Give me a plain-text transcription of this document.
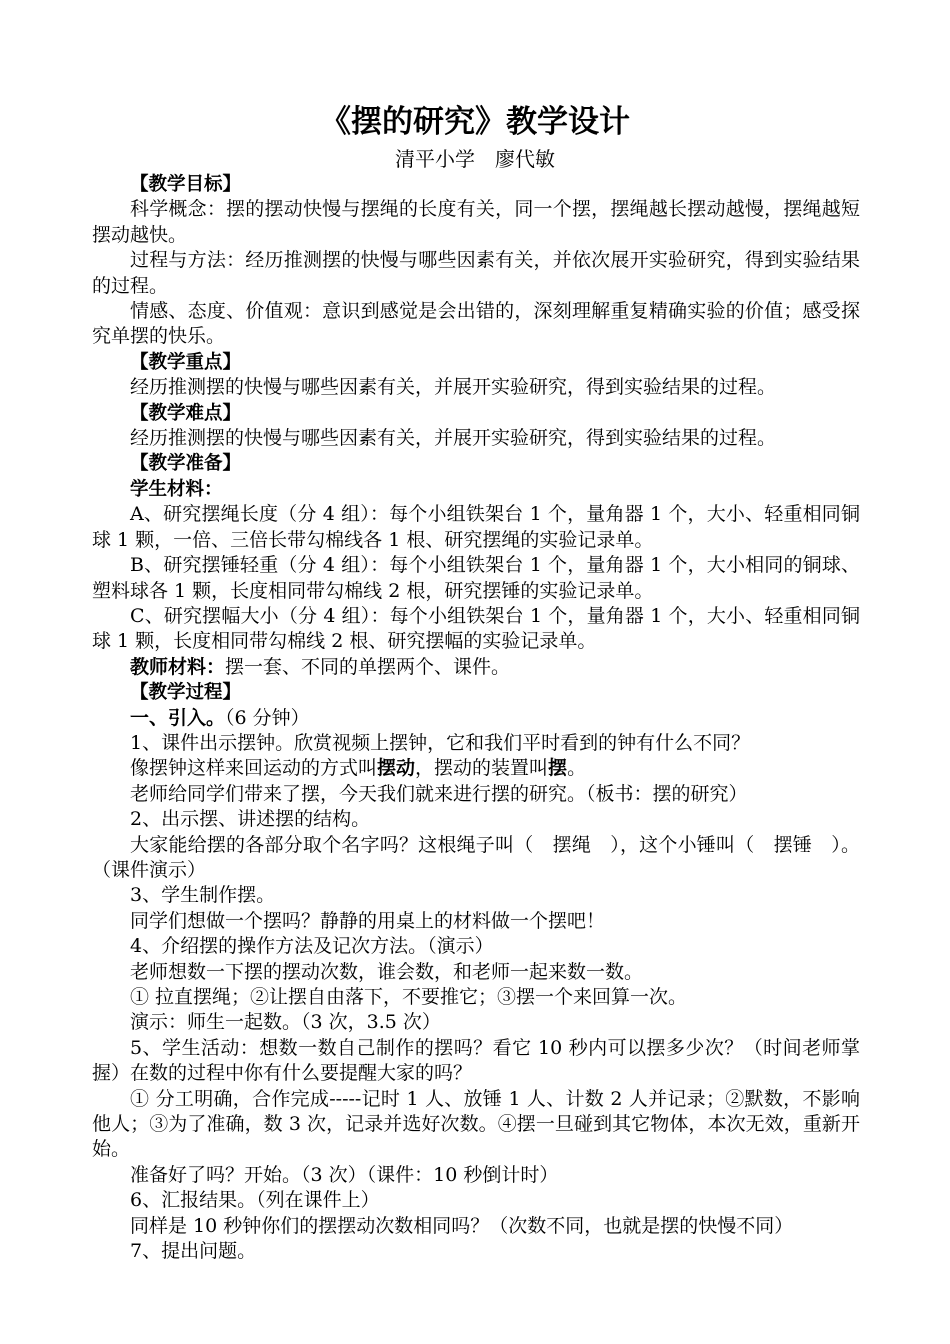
《摆的研究》教学设计
清平小学　廖代敏

【教学目标】

科学概念：摆的摆动快慢与摆绳的长度有关，同一个摆，摆绳越长摆动越慢，摆绳越短摆动越快。

过程与方法：经历推测摆的快慢与哪些因素有关，并依次展开实验研究，得到实验结果的过程。

情感、态度、价值观：意识到感觉是会出错的，深刻理解重复精确实验的价值；感受探究单摆的快乐。

【教学重点】

经历推测摆的快慢与哪些因素有关，并展开实验研究，得到实验结果的过程。

【教学难点】

经历推测摆的快慢与哪些因素有关，并展开实验研究，得到实验结果的过程。

【教学准备】

学生材料：

A、研究摆绳长度（分 4 组）：每个小组铁架台 1 个，量角器 1 个，大小、轻重相同铜球 1 颗，一倍、三倍长带勾棉线各 1 根、研究摆绳的实验记录单。

B、研究摆锤轻重（分 4 组）：每个小组铁架台 1 个，量角器 1 个，大小相同的铜球、塑料球各 1 颗，长度相同带勾棉线 2 根，研究摆锤的实验记录单。

C、研究摆幅大小（分 4 组）：每个小组铁架台 1 个，量角器 1 个，大小、轻重相同铜球 1 颗，长度相同带勾棉线 2 根、研究摆幅的实验记录单。

教师材料：摆一套、不同的单摆两个、课件。

【教学过程】

一、引入。（6 分钟）

1、课件出示摆钟。欣赏视频上摆钟，它和我们平时看到的钟有什么不同？

像摆钟这样来回运动的方式叫摆动，摆动的装置叫摆。

老师给同学们带来了摆，今天我们就来进行摆的研究。（板书：摆的研究）

2、出示摆、讲述摆的结构。

大家能给摆的各部分取个名字吗？这根绳子叫（　摆绳　），这个小锤叫（　摆锤　）。（课件演示）

3、学生制作摆。

同学们想做一个摆吗？静静的用桌上的材料做一个摆吧！

4、介绍摆的操作方法及记次方法。（演示）

老师想数一下摆的摆动次数，谁会数，和老师一起来数一数。

① 拉直摆绳；②让摆自由落下，不要推它；③摆一个来回算一次。

演示：师生一起数。（3 次，3.5 次）

5、学生活动：想数一数自己制作的摆吗？看它 10 秒内可以摆多少次？（时间老师掌握）在数的过程中你有什么要提醒大家的吗？

① 分工明确，合作完成-----记时 1 人、放锤 1 人、计数 2 人并记录；②默数，不影响他人；③为了准确，数 3 次，记录并选好次数。④摆一旦碰到其它物体，本次无效，重新开始。

准备好了吗？开始。（3 次）（课件：10 秒倒计时）

6、汇报结果。（列在课件上）

同样是 10 秒钟你们的摆摆动次数相同吗？（次数不同，也就是摆的快慢不同）

7、提出问题。
